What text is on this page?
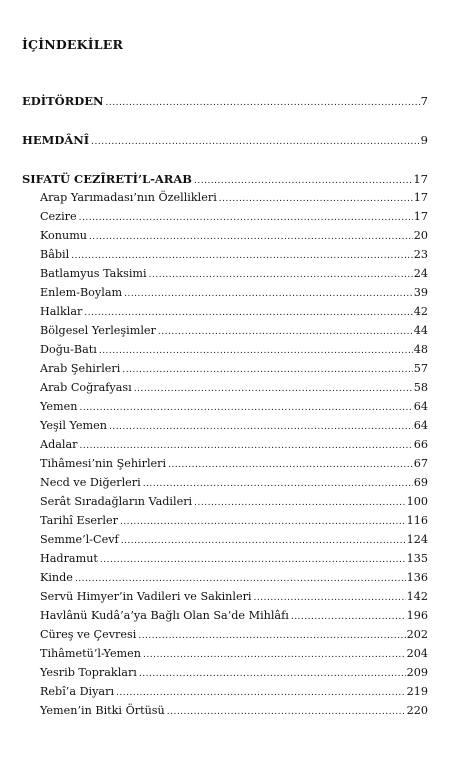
İÇİNDEKİLER
EDİTÖRDEN .....	7
HEMDÂNÎ .....	9
SIFATÜ CEZÎRETİ’L-ARAB .....	17
Arap Yarımadası’nın Özellikleri .....	17
Cezire .....	17
Konumu .....	20
Bâbil .....	23
Batlamyus Taksimi .....	24
Enlem-Boylam .....	39
Halklar .....	42
Bölgesel Yerleşimler .....	44
Doğu-Batı .....	48
Arab Şehirleri .....	57
Arab Coğrafyası .....	58
Yemen .....	64
Yeşil Yemen .....	64
Adalar .....	66
Tihâmesi’nin Şehirleri .....	67
Necd ve Diğerleri .....	69
Serât Sıradağların Vadileri .....	100
Tarihî Eserler .....	116
Semme’l-Cevf .....	124
Hadramut .....	135
Kinde .....	136
Servü Himyer’in Vadileri ve Sakinleri .....	142
Havlânü Kudâ’a’ya Bağlı Olan Sa’de Mihlâfı .....	196
Cüreş ve Çevresi .....	202
Tihâmetü’l-Yemen .....	204
Yesrib Toprakları .....	209
Rebî’a Diyarı .....	219
Yemen’in Bitki Örtüsü .....	220
